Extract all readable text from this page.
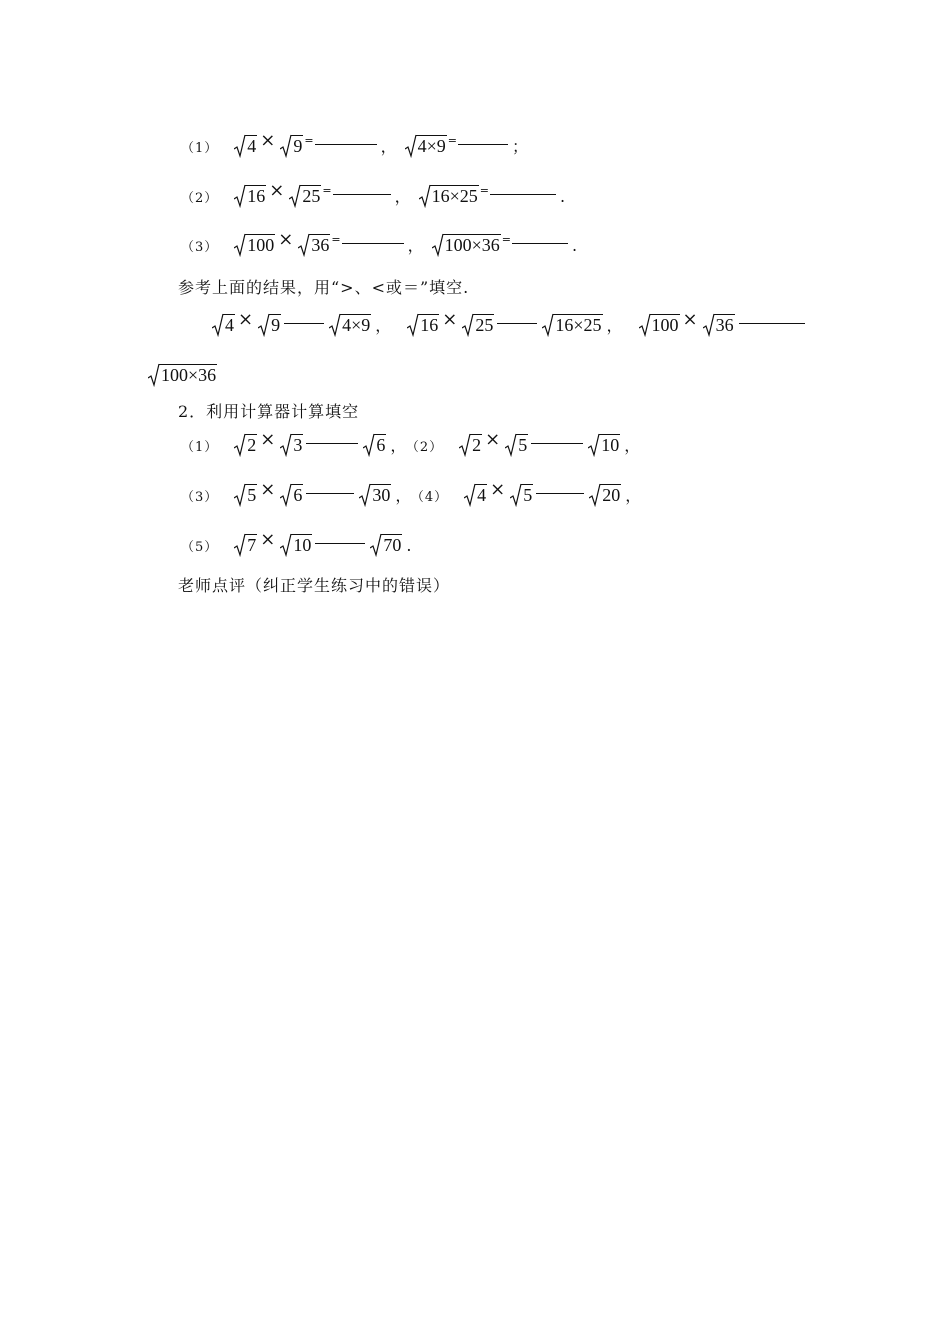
（1） 4 × 9 =	， 4×9 =	；
（2） 16 × 25 =	， 16×25 =	.
（3） 100 × 36 =	， 100×36 =	.
参考上面的结果，用“>、<或＝”填空.
4 × 9	4×9 ， 16 × 25	16×25 ， 100 × 36
100×36
2．利用计算器计算填空
（1） 2 × 3	6 ， （2） 2 × 5	10 ，
（3） 5 × 6	30 ， （4） 4 × 5	20 ，
（5） 7 × 10	70 .
老师点评（纠正学生练习中的错误）
